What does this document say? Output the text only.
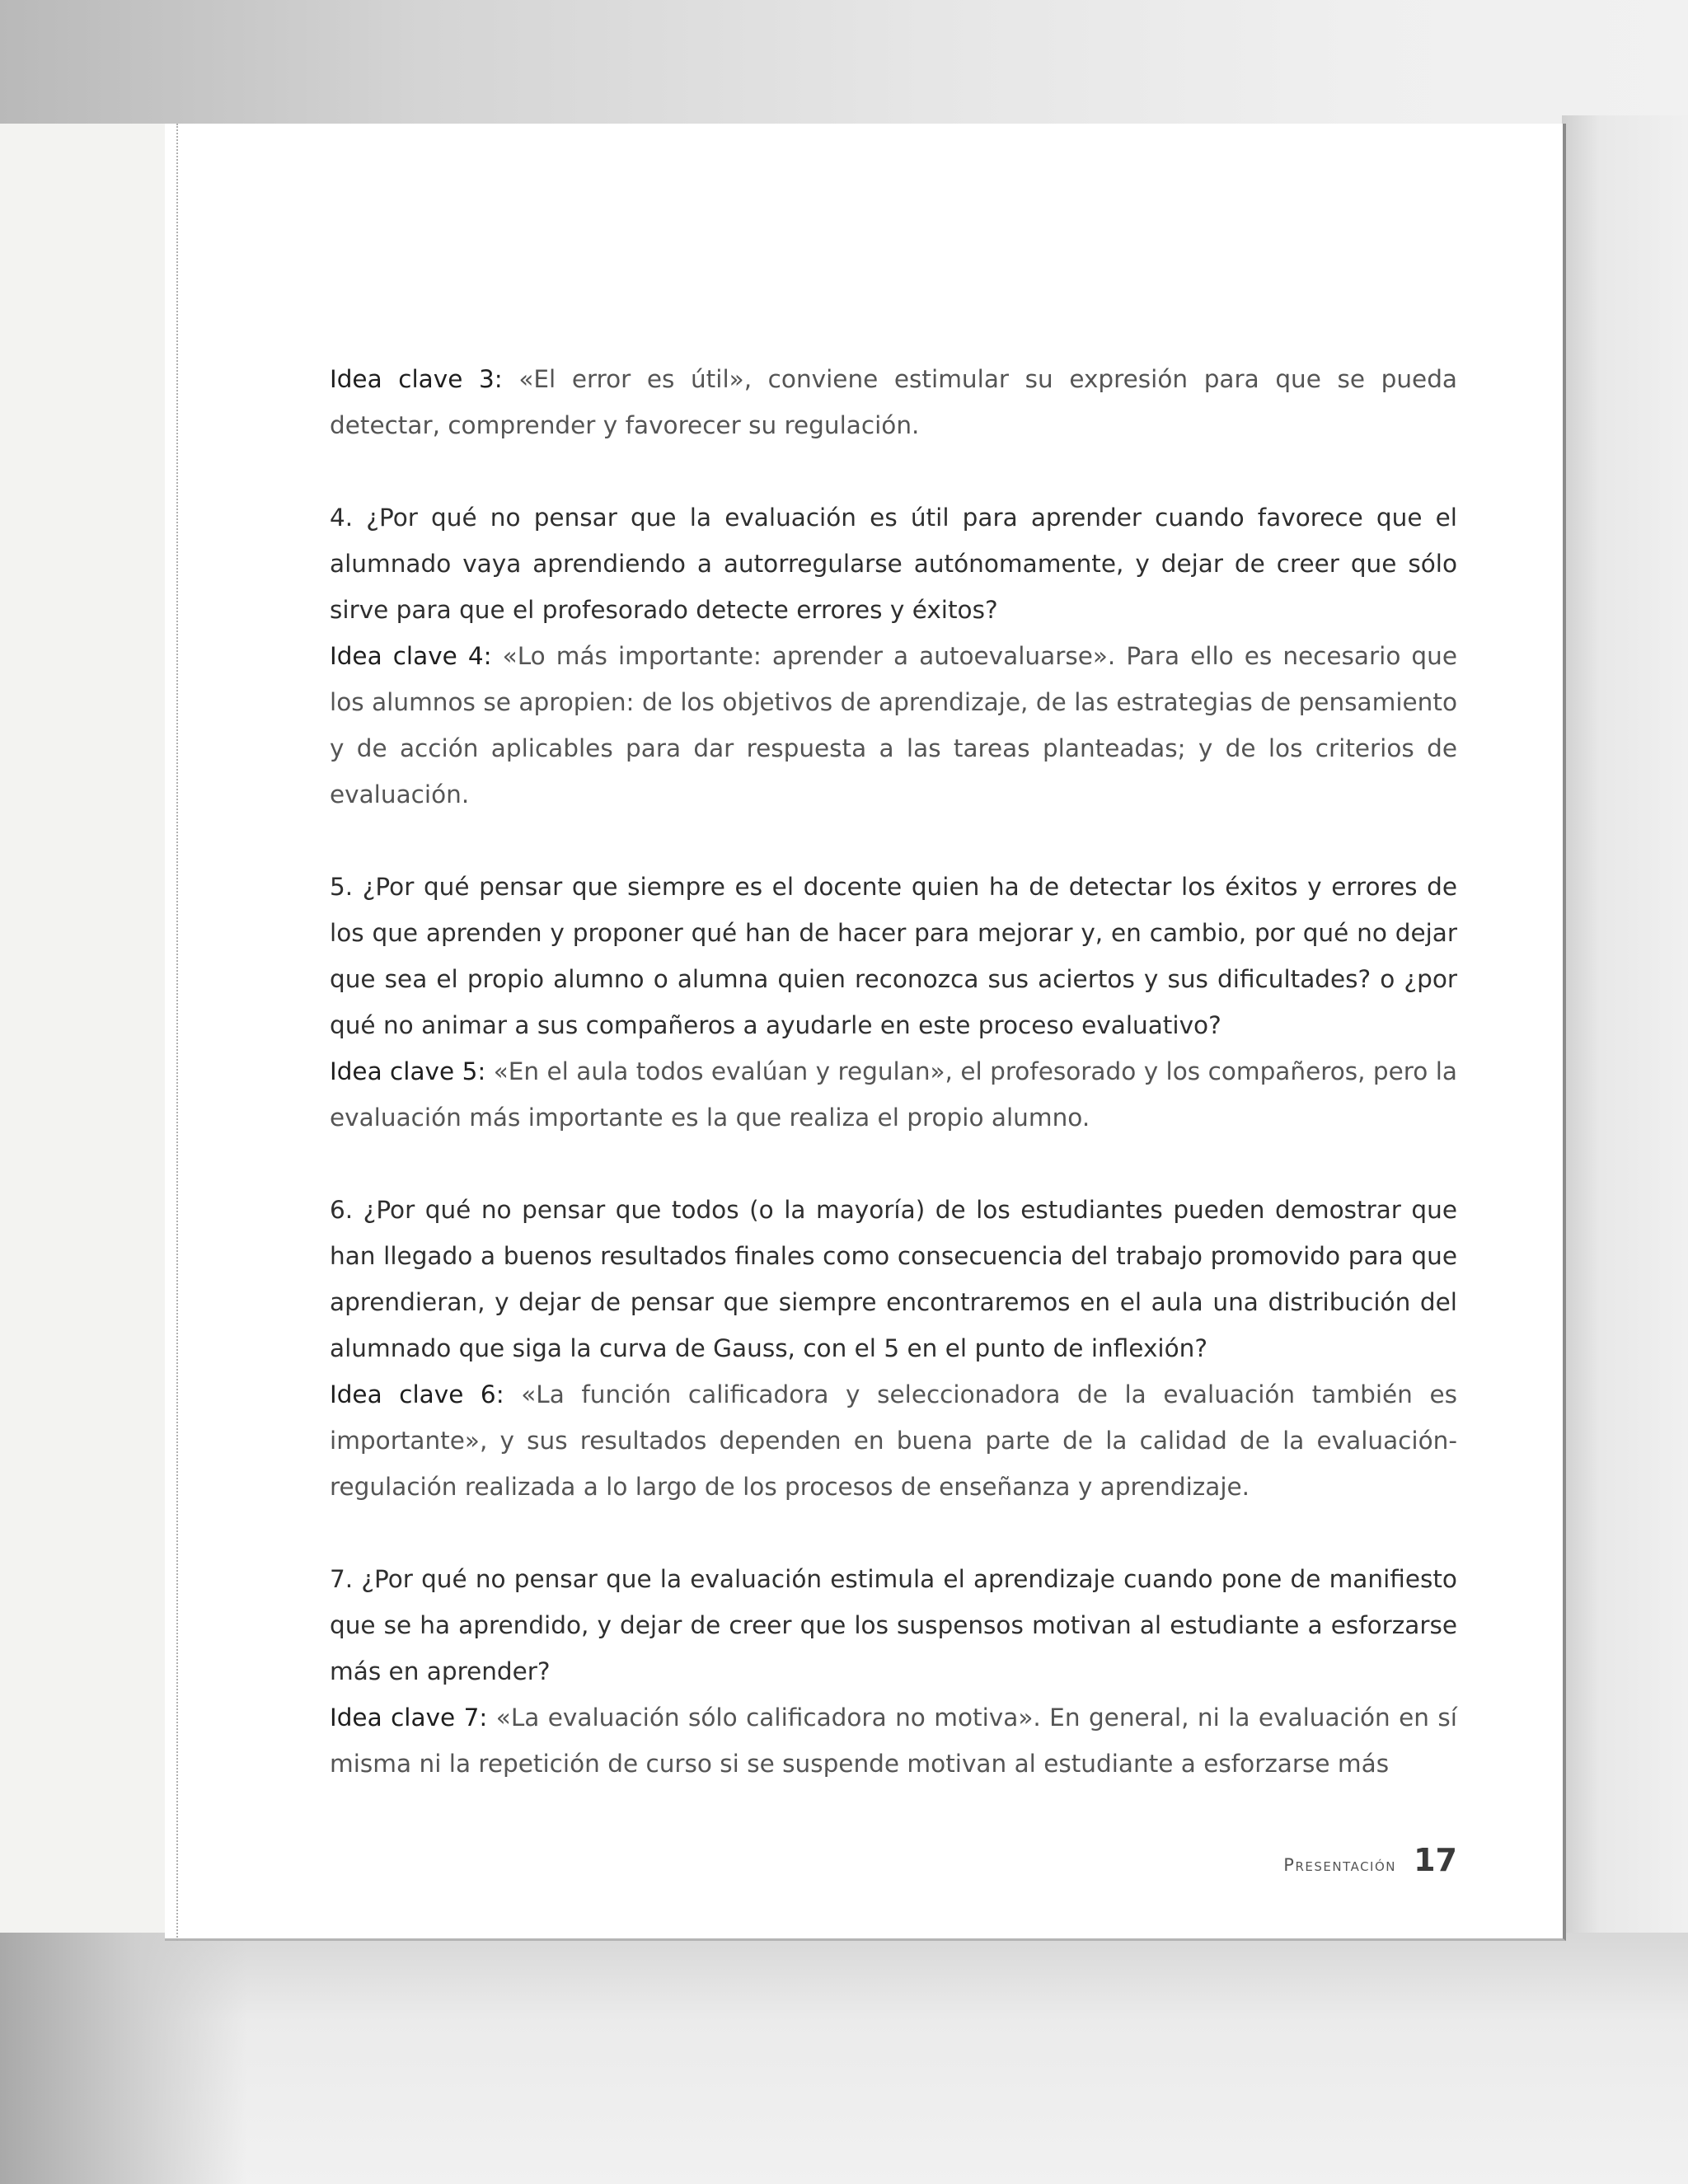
Idea clave 3: «El error es útil», conviene estimular su expresión para que se pueda detectar, comprender y favorecer su regulación.

4. ¿Por qué no pensar que la evaluación es útil para aprender cuando favorece que el alumnado vaya aprendiendo a autorregularse autónomamente, y dejar de creer que sólo sirve para que el profesorado detecte errores y éxitos?

Idea clave 4: «Lo más importante: aprender a autoevaluarse». Para ello es necesario que los alumnos se apropien: de los objetivos de aprendizaje, de las estrategias de pensamiento y de acción aplicables para dar respuesta a las tareas planteadas; y de los criterios de evaluación.

5. ¿Por qué pensar que siempre es el docente quien ha de detectar los éxitos y errores de los que aprenden y proponer qué han de hacer para mejorar y, en cambio, por qué no dejar que sea el propio alumno o alumna quien reconozca sus aciertos y sus dificultades? o ¿por qué no animar a sus compañeros a ayudarle en este proceso evaluativo?

Idea clave 5: «En el aula todos evalúan y regulan», el profesorado y los compañeros, pero la evaluación más importante es la que realiza el propio alumno.

6. ¿Por qué no pensar que todos (o la mayoría) de los estudiantes pueden demostrar que han llegado a buenos resultados finales como consecuencia del trabajo promovido para que aprendieran, y dejar de pensar que siempre encontraremos en el aula una distribución del alumnado que siga la curva de Gauss, con el 5 en el punto de inflexión?

Idea clave 6: «La función calificadora y seleccionadora de la evaluación también es importante», y sus resultados dependen en buena parte de la calidad de la evaluación-regulación realizada a lo largo de los procesos de enseñanza y aprendizaje.

7. ¿Por qué no pensar que la evaluación estimula el aprendizaje cuando pone de manifiesto que se ha aprendido, y dejar de creer que los suspensos motivan al estudiante a esforzarse más en aprender?

Idea clave 7: «La evaluación sólo calificadora no motiva». En general, ni la evaluación en sí misma ni la repetición de curso si se suspende motivan al estudiante a esforzarse más

Presentación 17
